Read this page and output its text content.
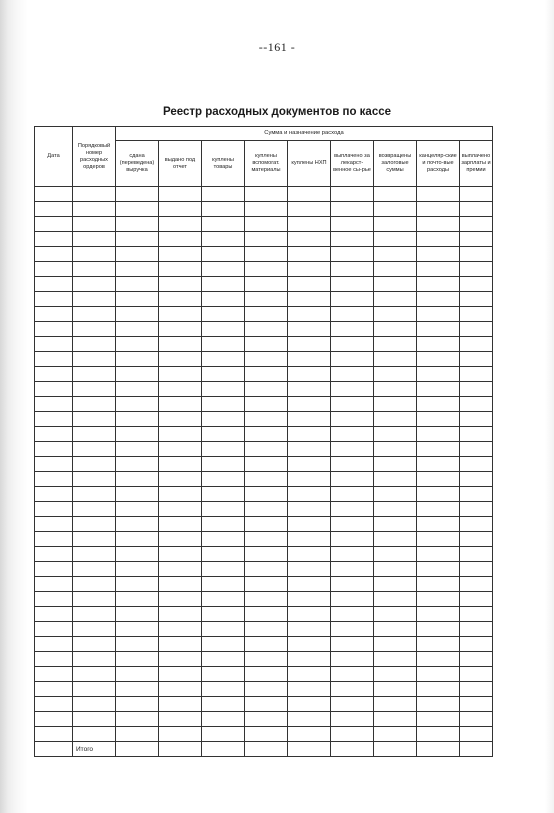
--161 -
Реестр расходных документов по кассе
Дата	Порядковый номер расходных ордеров	Сумма и назначение расхода								
		сдана (переведена) выручка	выдано под отчет	куплены товары	куплены вспомогат. материалы	куплены НХП	выплачено за лекарст-венное сы-рье	возвращены залоговые суммы	канцеляр-ские и почто-вые расходы	выплачено зарплаты и премии

	Итого									
